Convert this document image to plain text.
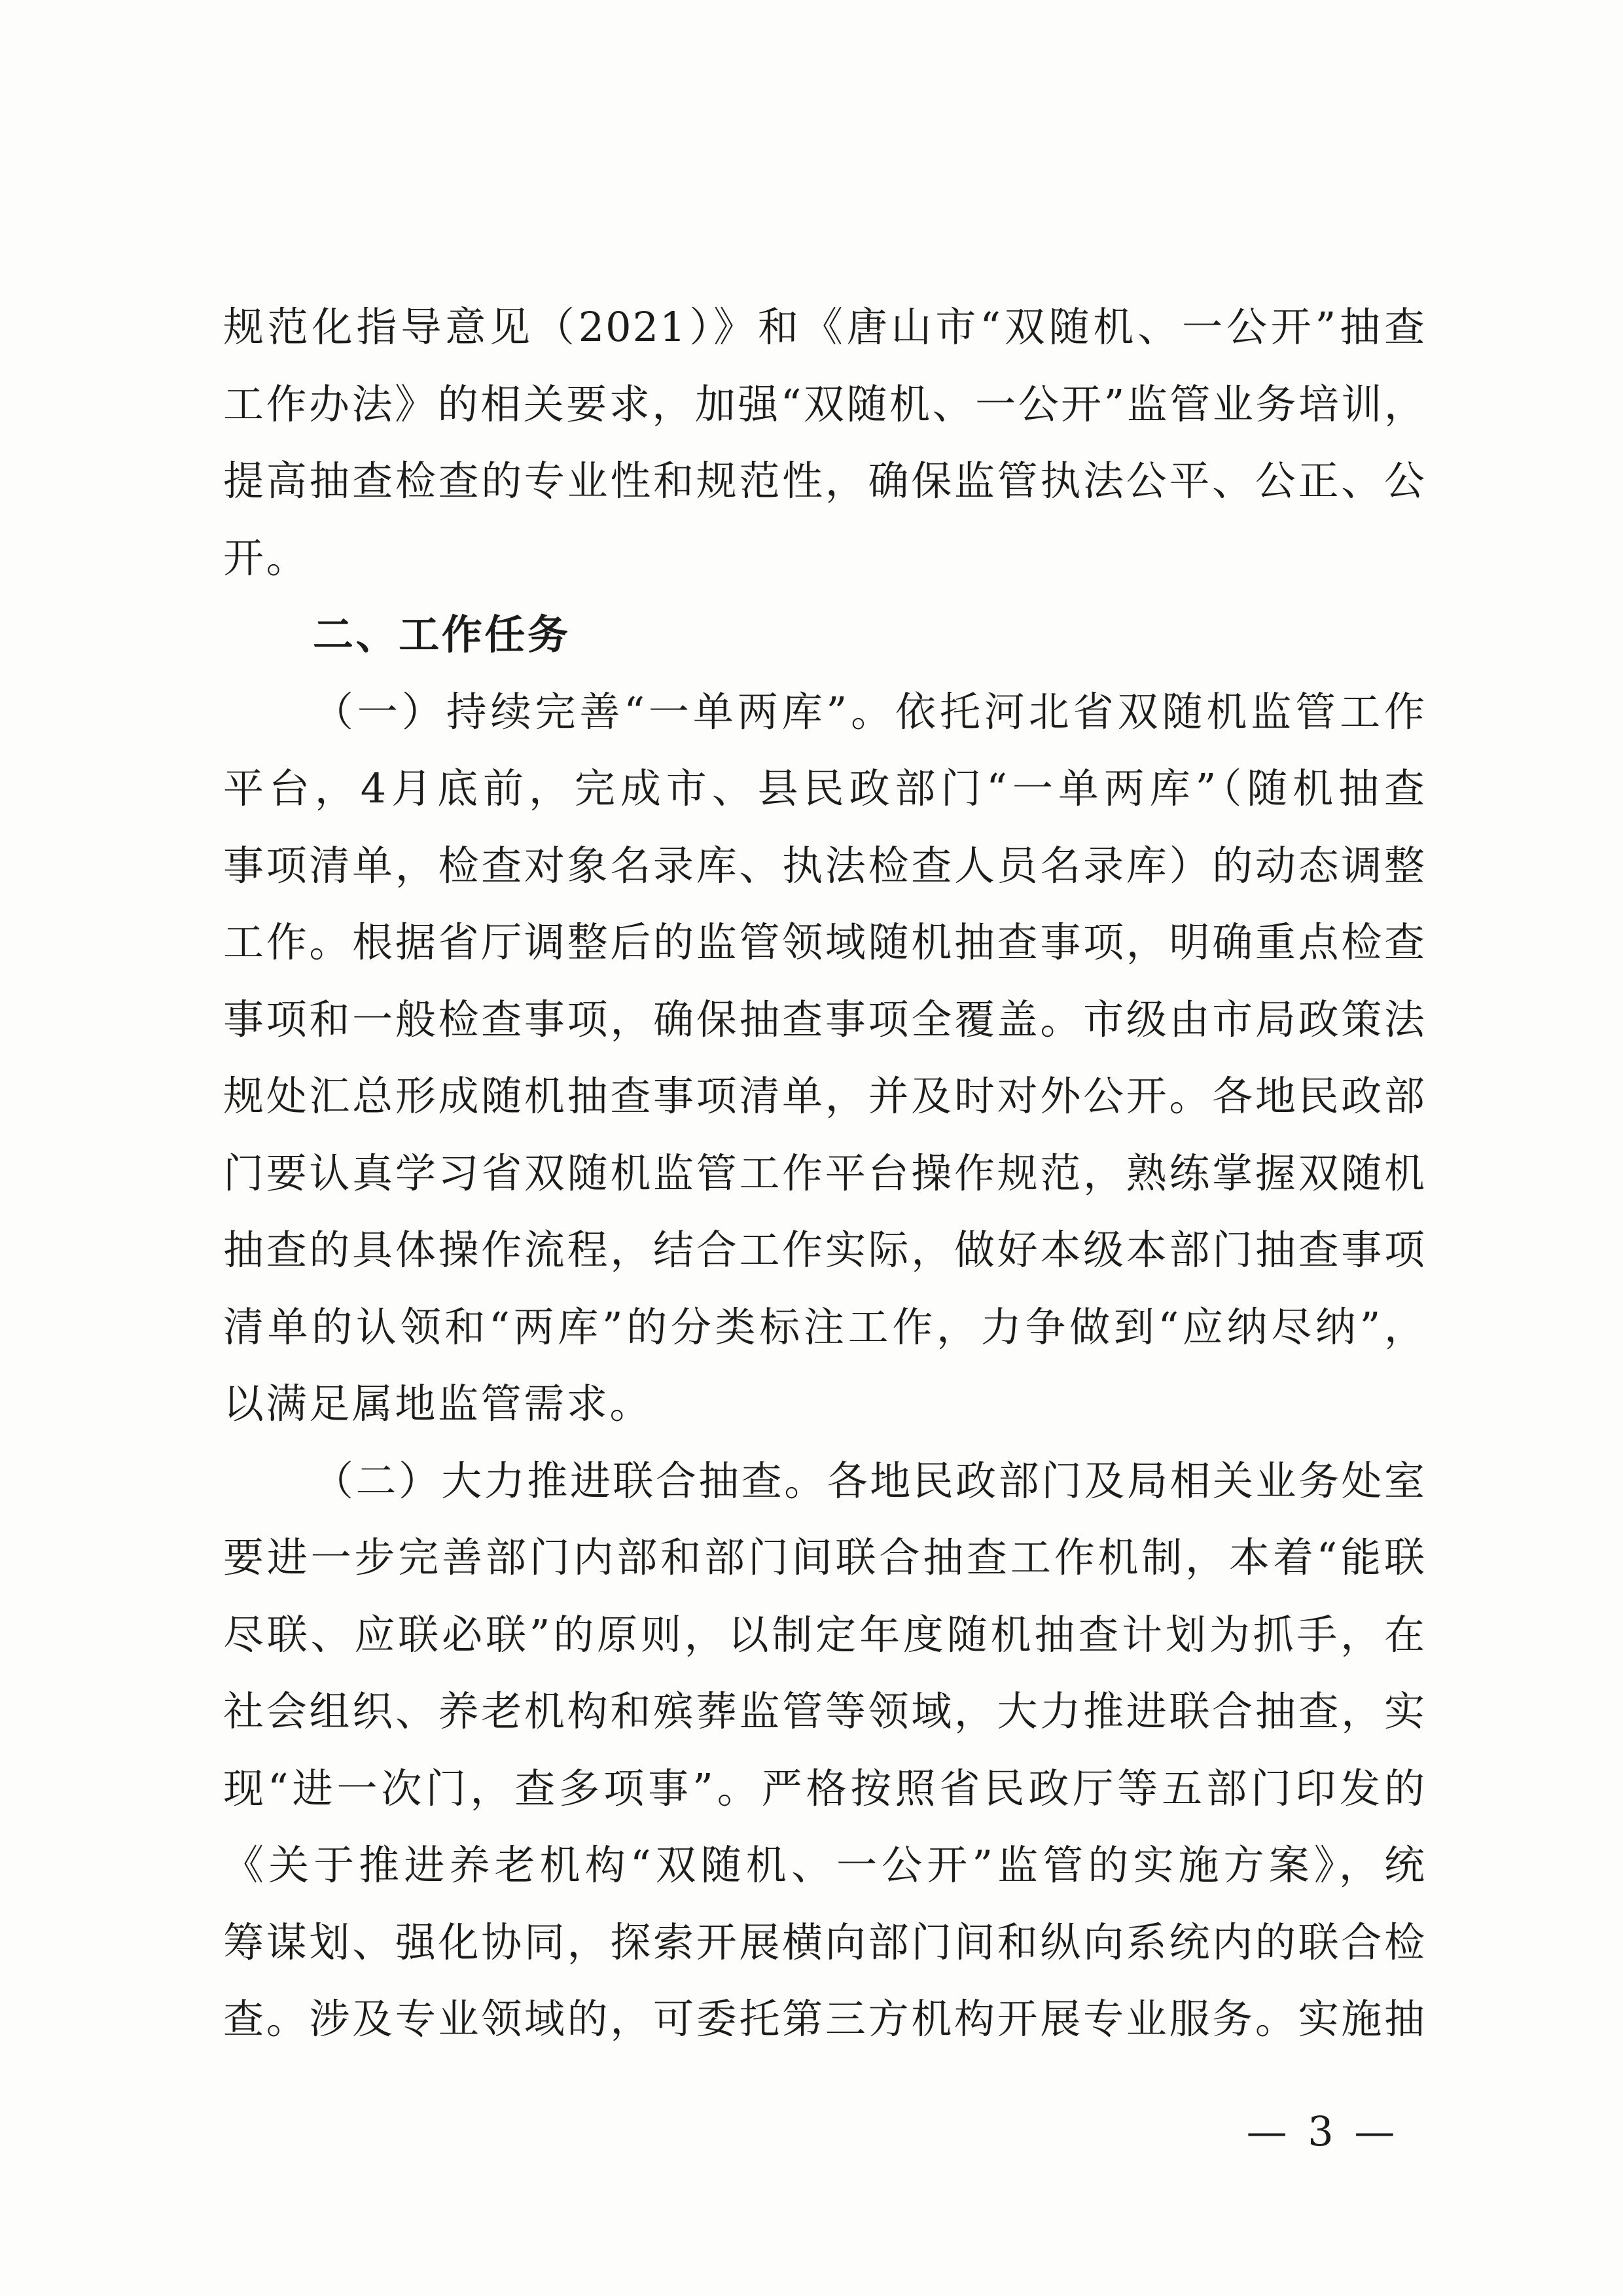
规范化指导意见（2021）》和《唐山市“双随机、一公开”抽查
工作办法》的相关要求，加强“双随机、一公开”监管业务培训，
提高抽查检查的专业性和规范性，确保监管执法公平、公正、公
开。
二、工作任务
（一）持续完善“一单两库”。依托河北省双随机监管工作
平台，4月底前，完成市、县民政部门“一单两库”（随机抽查
事项清单，检查对象名录库、执法检查人员名录库）的动态调整
工作。根据省厅调整后的监管领域随机抽查事项，明确重点检查
事项和一般检查事项，确保抽查事项全覆盖。市级由市局政策法
规处汇总形成随机抽查事项清单，并及时对外公开。各地民政部
门要认真学习省双随机监管工作平台操作规范，熟练掌握双随机
抽查的具体操作流程，结合工作实际，做好本级本部门抽查事项
清单的认领和“两库”的分类标注工作，力争做到“应纳尽纳”，
以满足属地监管需求。
（二）大力推进联合抽查。各地民政部门及局相关业务处室
要进一步完善部门内部和部门间联合抽查工作机制，本着“能联
尽联、应联必联”的原则，以制定年度随机抽查计划为抓手，在
社会组织、养老机构和殡葬监管等领域，大力推进联合抽查，实
现“进一次门，查多项事”。严格按照省民政厅等五部门印发的
《关于推进养老机构“双随机、一公开”监管的实施方案》，统
筹谋划、强化协同，探索开展横向部门间和纵向系统内的联合检
查。涉及专业领域的，可委托第三方机构开展专业服务。实施抽
— 3 —
